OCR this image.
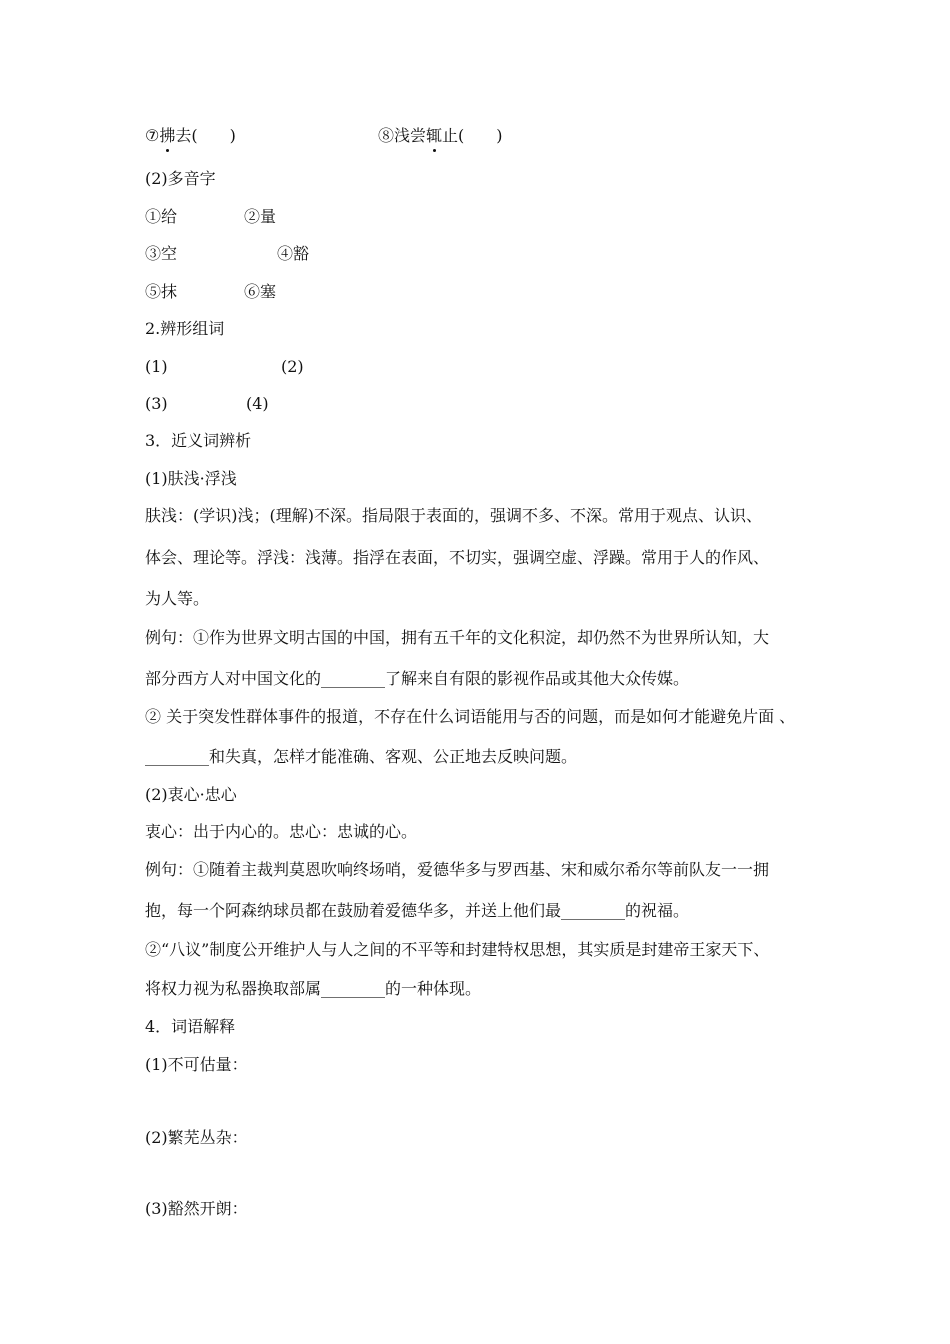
⑦拂去(　　)	⑧浅尝辄止(　　)
(2)多音字
①给	②量
③空	④豁
⑤抹	⑥塞
2.辨形组词
(1)	(2)
(3)	(4)
3．近义词辨析
(1)肤浅·浮浅
肤浅：(学识)浅；(理解)不深。指局限于表面的，强调不多、不深。常用于观点、认识、
体会、理论等。浮浅：浅薄。指浮在表面，不切实，强调空虚、浮躁。常用于人的作风、
为人等。
例句：①作为世界文明古国的中国，拥有五千年的文化积淀，却仍然不为世界所认知，大
部分西方人对中国文化的________了解来自有限的影视作品或其他大众传媒。
② 关于突发性群体事件的报道，不存在什么词语能用与否的问题，而是如何才能避免片面 、
________和失真，怎样才能准确、客观、公正地去反映问题。
(2)衷心·忠心
衷心：出于内心的。忠心：忠诚的心。
例句：①随着主裁判莫恩吹响终场哨，爱德华多与罗西基、宋和威尔希尔等前队友一一拥
抱，每一个阿森纳球员都在鼓励着爱德华多，并送上他们最________的祝福。
②“八议”制度公开维护人与人之间的不平等和封建特权思想，其实质是封建帝王家天下、
将权力视为私器换取部属________的一种体现。
4．词语解释
(1)不可估量：
(2)繁芜丛杂：
(3)豁然开朗：
